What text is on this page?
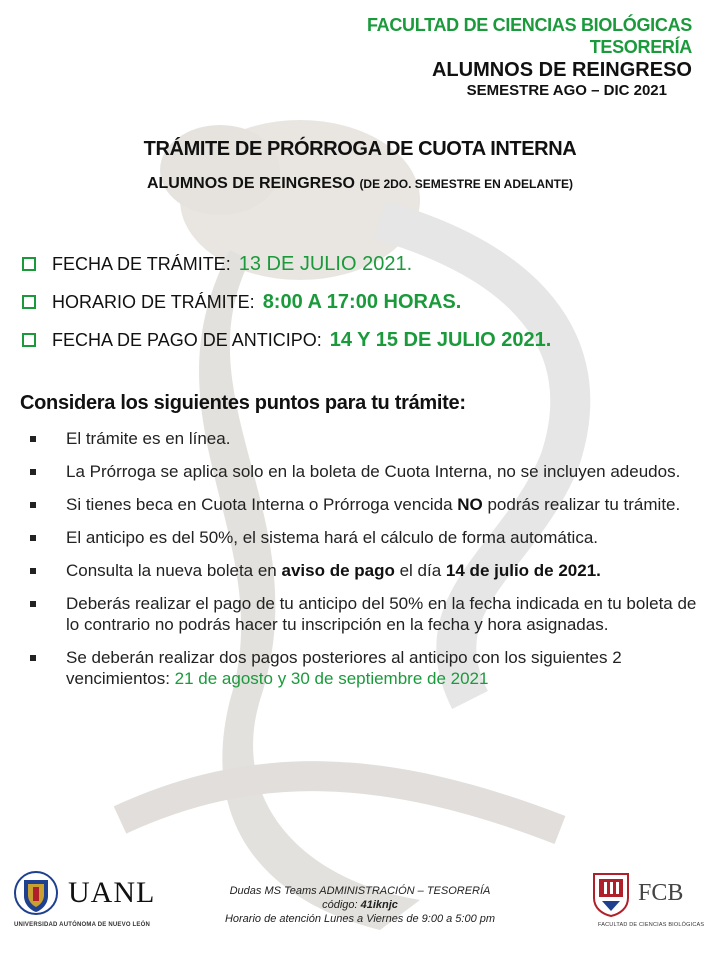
FACULTAD DE CIENCIAS BIOLÓGICAS
TESORERÍA
ALUMNOS DE REINGRESO
SEMESTRE AGO – DIC 2021
TRÁMITE DE PRÓRROGA DE CUOTA INTERNA
ALUMNOS DE REINGRESO (DE 2DO. SEMESTRE EN ADELANTE)
FECHA DE TRÁMITE: 13 DE JULIO 2021.
HORARIO DE TRÁMITE: 8:00 A 17:00 HORAS.
FECHA DE PAGO DE ANTICIPO: 14 Y 15 DE JULIO 2021.
Considera los siguientes puntos para tu trámite:
El trámite es en línea.
La Prórroga se aplica solo en la boleta de Cuota Interna, no se incluyen adeudos.
Si tienes beca en Cuota Interna o Prórroga vencida NO podrás realizar tu trámite.
El anticipo es del 50%, el sistema hará el cálculo de forma automática.
Consulta la nueva boleta en aviso de pago el día 14 de julio de 2021.
Deberás realizar el pago de tu anticipo del 50% en la fecha indicada en tu boleta de lo contrario no podrás hacer tu inscripción en la fecha y hora asignadas.
Se deberán realizar dos pagos posteriores al anticipo con los siguientes 2 vencimientos: 21 de agosto y 30 de septiembre de 2021
UANL
UNIVERSIDAD AUTÓNOMA DE NUEVO LEÓN
Dudas MS Teams ADMINISTRACIÓN – TESORERÍA
código: 41iknjc
Horario de atención Lunes a Viernes de 9:00 a 5:00 pm
FCB
FACULTAD DE CIENCIAS BIOLÓGICAS
